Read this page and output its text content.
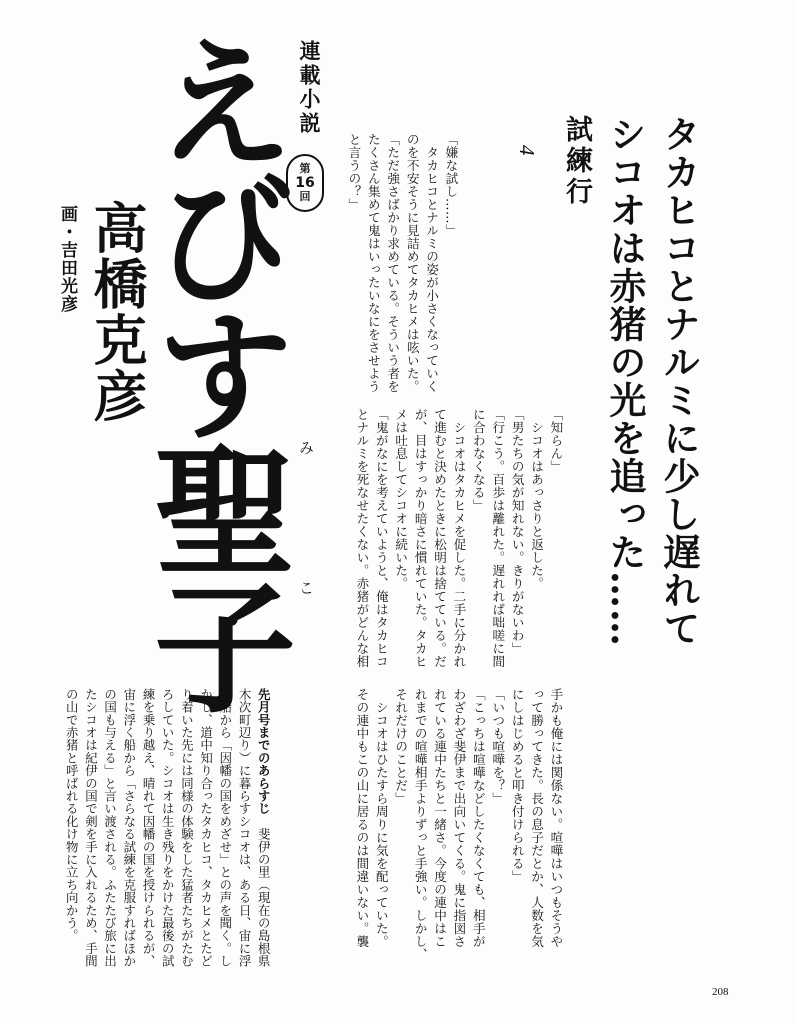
タカヒコとナルミに少し遅れて
シコオは赤猪の光を追った……
試練行
4
連載小説
第
16
回
えびす聖子 み
こ
高橋克彦
画・吉田光彦

「嫌な試し……」

　タカヒコとナルミの姿が小さくなっていく

のを不安そうに見詰めてタカヒメは呟いた。

「ただ強さばかり求めている。そういう者を

たくさん集めて鬼はいったいなにをさせよう

と言うの？」

「知らん」

　シコオはあっさりと返した。

「男たちの気が知れない。きりがないわ」

「行こう。百歩は離れた。遅れれば咄嗟に間

に合わなくなる」

　シコオはタカヒメを促した。二手に分かれ

て進むと決めたときに松明は捨てている。だ

が、目はすっかり暗さに慣れていた。タカヒ

メは吐息してシコオに続いた。

「鬼がなにを考えていようと、俺はタカヒコ

とナルミを死なせたくない。赤猪がどんな相

手かも俺には関係ない。喧嘩はいつもそうや

って勝ってきた。長の息子だとか、人数を気

にしはじめると叩き付けられる」

「いつも喧嘩を？」

「こっちは喧嘩などしたくなくても、相手が

わざわざ斐伊まで出向いてくる。鬼に指図さ

れている連中たちと一緒さ。今度の連中はこ

れまでの喧嘩相手よりずっと手強い。しかし、

それだけのことだ」

　シコオはひたすら周りに気を配っていた。

その連中もこの山に居るのは間違いない。襲

先月号までのあらすじ　斐伊の里（現在の島根県

木次町辺り）に暮らすシコオは、ある日、宙に浮

く船から「因幡の国をめざせ」との声を聞く。し

かし、道中知り合ったタカヒコ、タカヒメとたど

り着いた先には同様の体験をした猛者たちがたむ

ろしていた。シコオは生き残りをかけた最後の試

練を乗り越え、晴れて因幡の国を授けられるが、

宙に浮く船から「さらなる試練を克服すればほか

の国も与える」と言い渡される。ふたたび旅に出

たシコオは紀伊の国で剣を手に入れるため、手間

の山で赤猪と呼ばれる化け物に立ち向かう。

208
